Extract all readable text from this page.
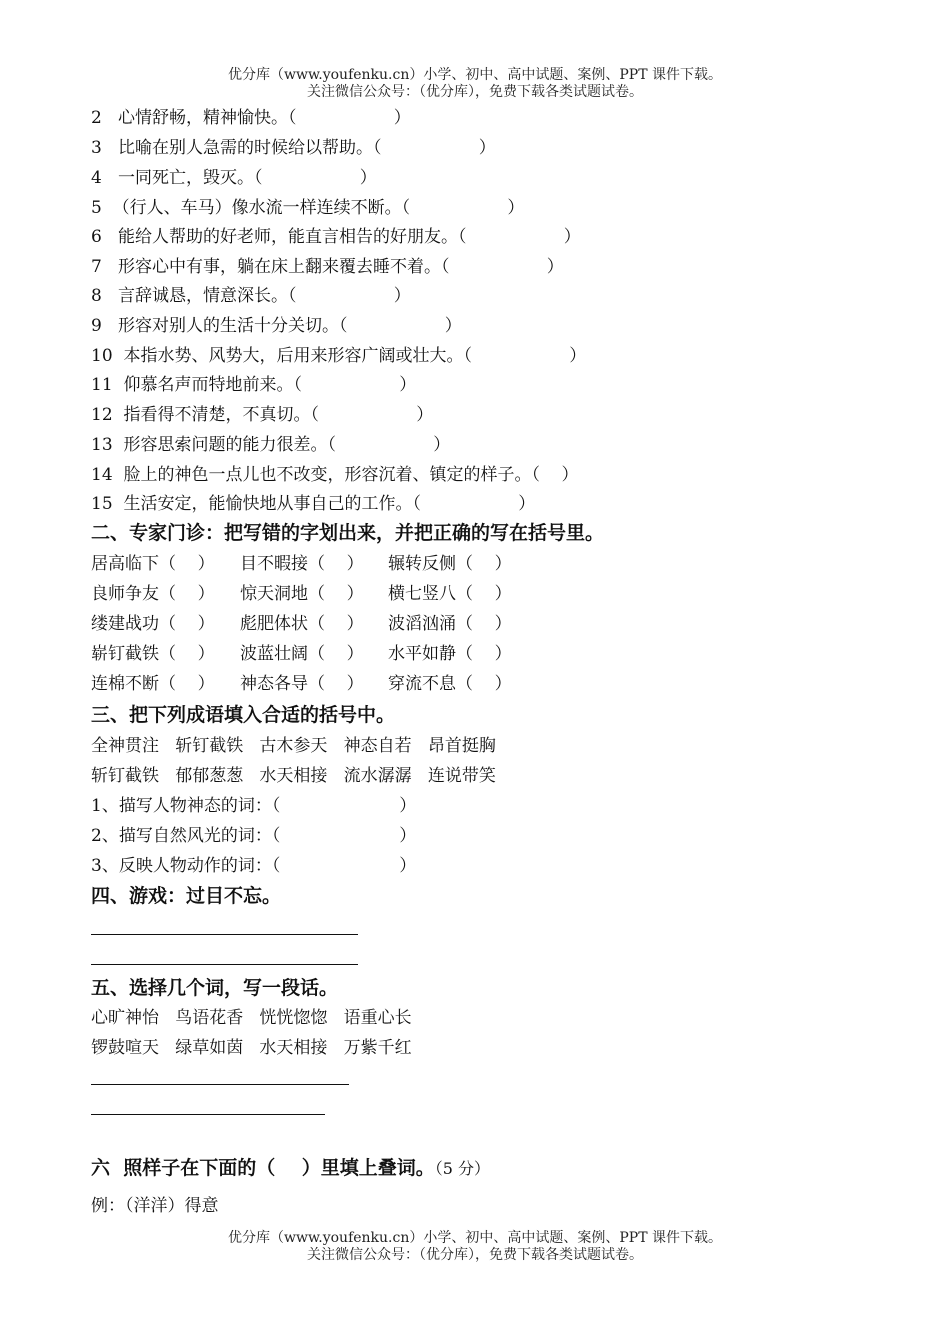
优分库（www.youfenku.cn）小学、初中、高中试题、案例、PPT 课件下载。
关注微信公众号：（优分库），免费下载各类试题试卷。
2   心情舒畅，精神愉快。（                  ）
3   比喻在别人急需的时候给以帮助。（                  ）
4   一同死亡，毁灭。（                  ）
5  （行人、车马）像水流一样连续不断。（                  ）
6   能给人帮助的好老师，能直言相告的好朋友。（                  ）
7   形容心中有事，躺在床上翻来覆去睡不着。（                  ）
8   言辞诚恳，情意深长。（                  ）
9   形容对别人的生活十分关切。（                  ）
10  本指水势、风势大，后用来形容广阔或壮大。（                  ）
11  仰慕名声而特地前来。（                  ）
12  指看得不清楚，不真切。（                  ）
13  形容思索问题的能力很差。（                  ）
14  脸上的神色一点儿也不改变，形容沉着、镇定的样子。（    ）
15  生活安定，能愉快地从事自己的工作。（                  ）
二、专家门诊：把写错的字划出来，并把正确的写在括号里。
居高临下（    ） 目不暇接（    ） 辗转反侧（    ）
良师争友（    ） 惊天洞地（    ） 横七竖八（    ）
缕建战功（    ） 彪肥体状（    ） 波滔汹涌（    ）
崭钉截铁（    ） 波蓝壮阔（    ） 水平如静（    ）
连棉不断（    ） 神态各导（    ） 穿流不息（    ）
三、把下列成语填入合适的括号中。
全神贯注   斩钉截铁   古木参天   神态自若   昂首挺胸
斩钉截铁   郁郁葱葱   水天相接   流水潺潺   连说带笑
1、描写人物神态的词：（                      ）
2、描写自然风光的词：（                      ）
3、反映人物动作的词：（                      ）
四、游戏：过目不忘。
五、选择几个词，写一段话。
心旷神怡   鸟语花香   恍恍惚惚   语重心长
锣鼓喧天   绿草如茵   水天相接   万紫千红
六  照样子在下面的（    ）里填上叠词。（5 分）
例：（洋洋）得意
优分库（www.youfenku.cn）小学、初中、高中试题、案例、PPT 课件下载。
关注微信公众号：（优分库），免费下载各类试题试卷。
